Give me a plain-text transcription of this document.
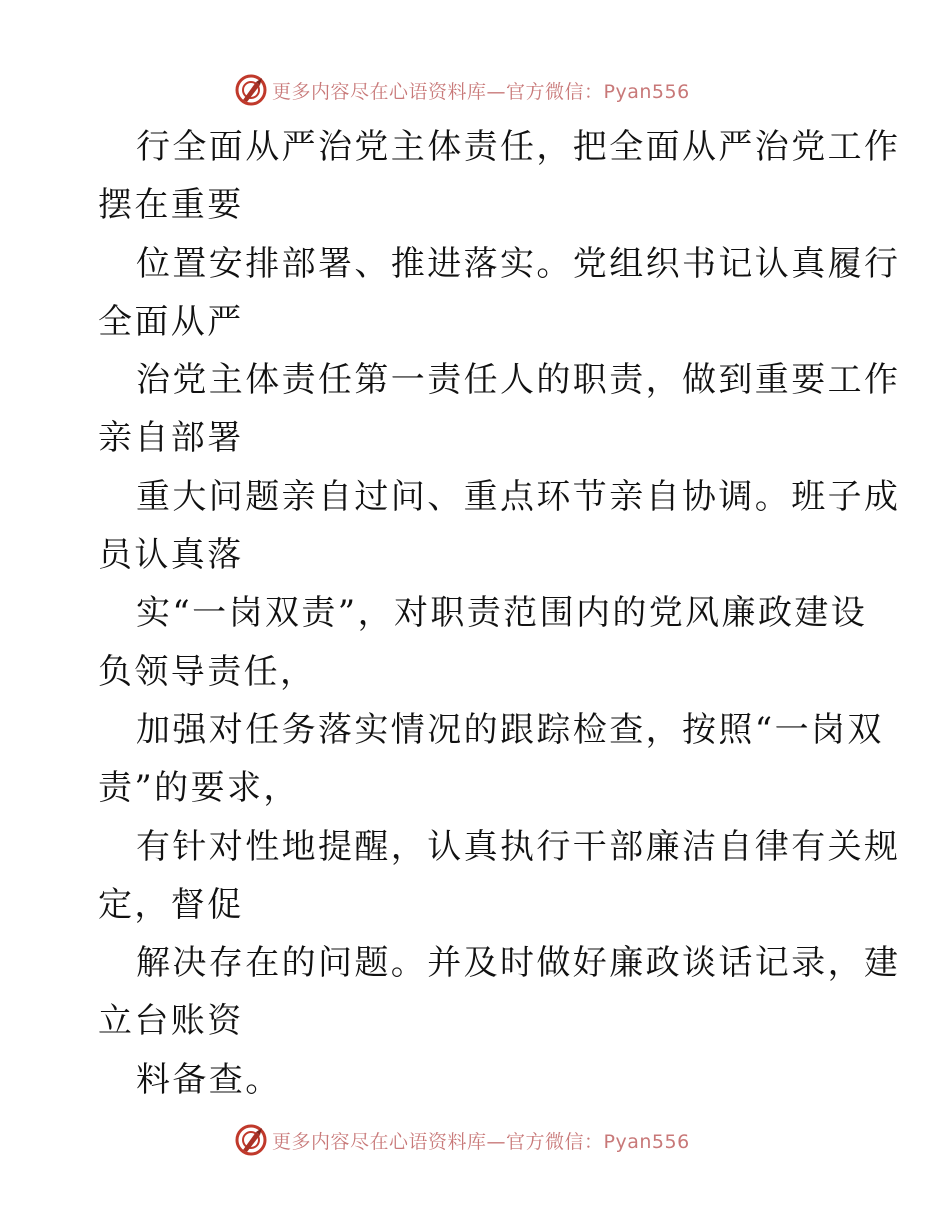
更多内容尽在心语资料库—官方微信：Pyan556
行全面从严治党主体责任，把全面从严治党工作
摆在重要
位置安排部署、推进落实。党组织书记认真履行
全面从严
治党主体责任第一责任人的职责，做到重要工作
亲自部署
重大问题亲自过问、重点环节亲自协调。班子成
员认真落
实“一岗双责”，对职责范围内的党风廉政建设
负领导责任，
加强对任务落实情况的跟踪检查，按照“一岗双
责”的要求，
有针对性地提醒，认真执行干部廉洁自律有关规
定，督促
解决存在的问题。并及时做好廉政谈话记录，建
立台账资
料备查。
更多内容尽在心语资料库—官方微信：Pyan556
